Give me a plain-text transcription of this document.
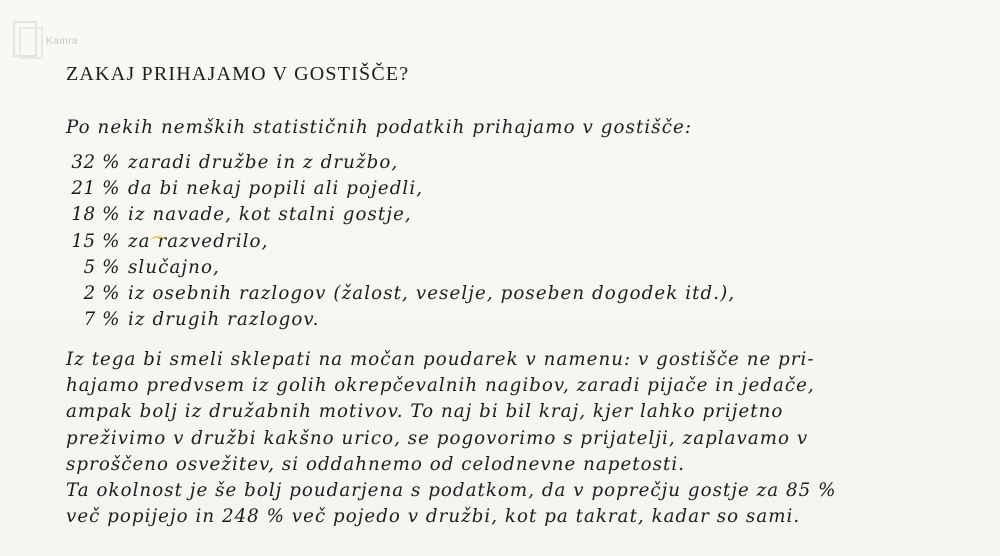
Kamra
ZAKAJ PRIHAJAMO V GOSTIŠČE?
Po nekih nemških statističnih podatkih prihajamo v gostišče:
32 % zaradi družbe in z družbo,
21 % da bi nekaj popili ali pojedli,
18 % iz navade, kot stalni gostje,
15 % za razvedrilo,
5 % slučajno,
2 % iz osebnih razlogov (žalost, veselje, poseben dogodek itd.),
7 % iz drugih razlogov.
Iz tega bi smeli sklepati na močan poudarek v namenu: v gostišče ne pri-
hajamo predvsem iz golih okrepčevalnih nagibov, zaradi pijače in jedače,
ampak bolj iz družabnih motivov. To naj bi bil kraj, kjer lahko prijetno
preživimo v družbi kakšno urico, se pogovorimo s prijatelji, zaplavamo v
sproščeno osvežitev, si oddahnemo od celodnevne napetosti.
Ta okolnost je še bolj poudarjena s podatkom, da v poprečju gostje za 85 %
več popijejo in 248 % več pojedo v družbi, kot pa takrat, kadar so sami.
